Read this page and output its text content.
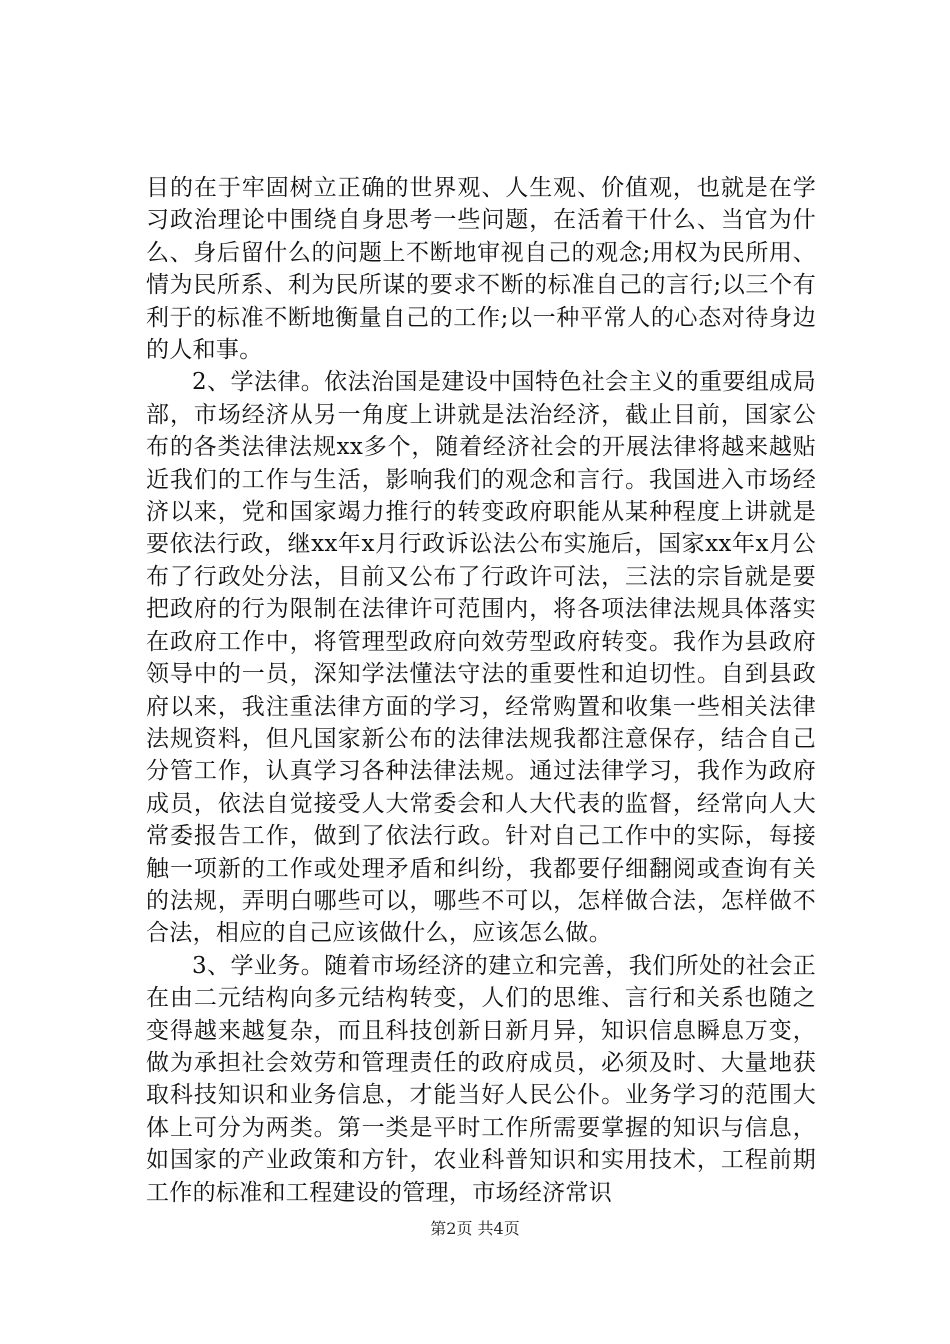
目的在于牢固树立正确的世界观、人生观、价值观，也就是在学习政治理论中围绕自身思考一些问题，在活着干什么、当官为什么、身后留什么的问题上不断地审视自己的观念;用权为民所用、情为民所系、利为民所谋的要求不断的标准自己的言行;以三个有利于的标准不断地衡量自己的工作;以一种平常人的心态对待身边的人和事。

2、学法律。依法治国是建设中国特色社会主义的重要组成局部，市场经济从另一角度上讲就是法治经济，截止目前，国家公布的各类法律法规xx多个，随着经济社会的开展法律将越来越贴近我们的工作与生活，影响我们的观念和言行。我国进入市场经济以来，党和国家竭力推行的转变政府职能从某种程度上讲就是要依法行政，继xx年x月行政诉讼法公布实施后，国家xx年x月公布了行政处分法，目前又公布了行政许可法，三法的宗旨就是要把政府的行为限制在法律许可范围内，将各项法律法规具体落实在政府工作中，将管理型政府向效劳型政府转变。我作为县政府领导中的一员，深知学法懂法守法的重要性和迫切性。自到县政府以来，我注重法律方面的学习，经常购置和收集一些相关法律法规资料，但凡国家新公布的法律法规我都注意保存，结合自己分管工作，认真学习各种法律法规。通过法律学习，我作为政府成员，依法自觉接受人大常委会和人大代表的监督，经常向人大常委报告工作，做到了依法行政。针对自己工作中的实际，每接触一项新的工作或处理矛盾和纠纷，我都要仔细翻阅或查询有关的法规，弄明白哪些可以，哪些不可以，怎样做合法，怎样做不合法，相应的自己应该做什么，应该怎么做。

3、学业务。随着市场经济的建立和完善，我们所处的社会正在由二元结构向多元结构转变，人们的思维、言行和关系也随之变得越来越复杂，而且科技创新日新月异，知识信息瞬息万变，做为承担社会效劳和管理责任的政府成员，必须及时、大量地获取科技知识和业务信息，才能当好人民公仆。业务学习的范围大体上可分为两类。第一类是平时工作所需要掌握的知识与信息，如国家的产业政策和方针，农业科普知识和实用技术，工程前期工作的标准和工程建设的管理，市场经济常识

第2页 共4页
